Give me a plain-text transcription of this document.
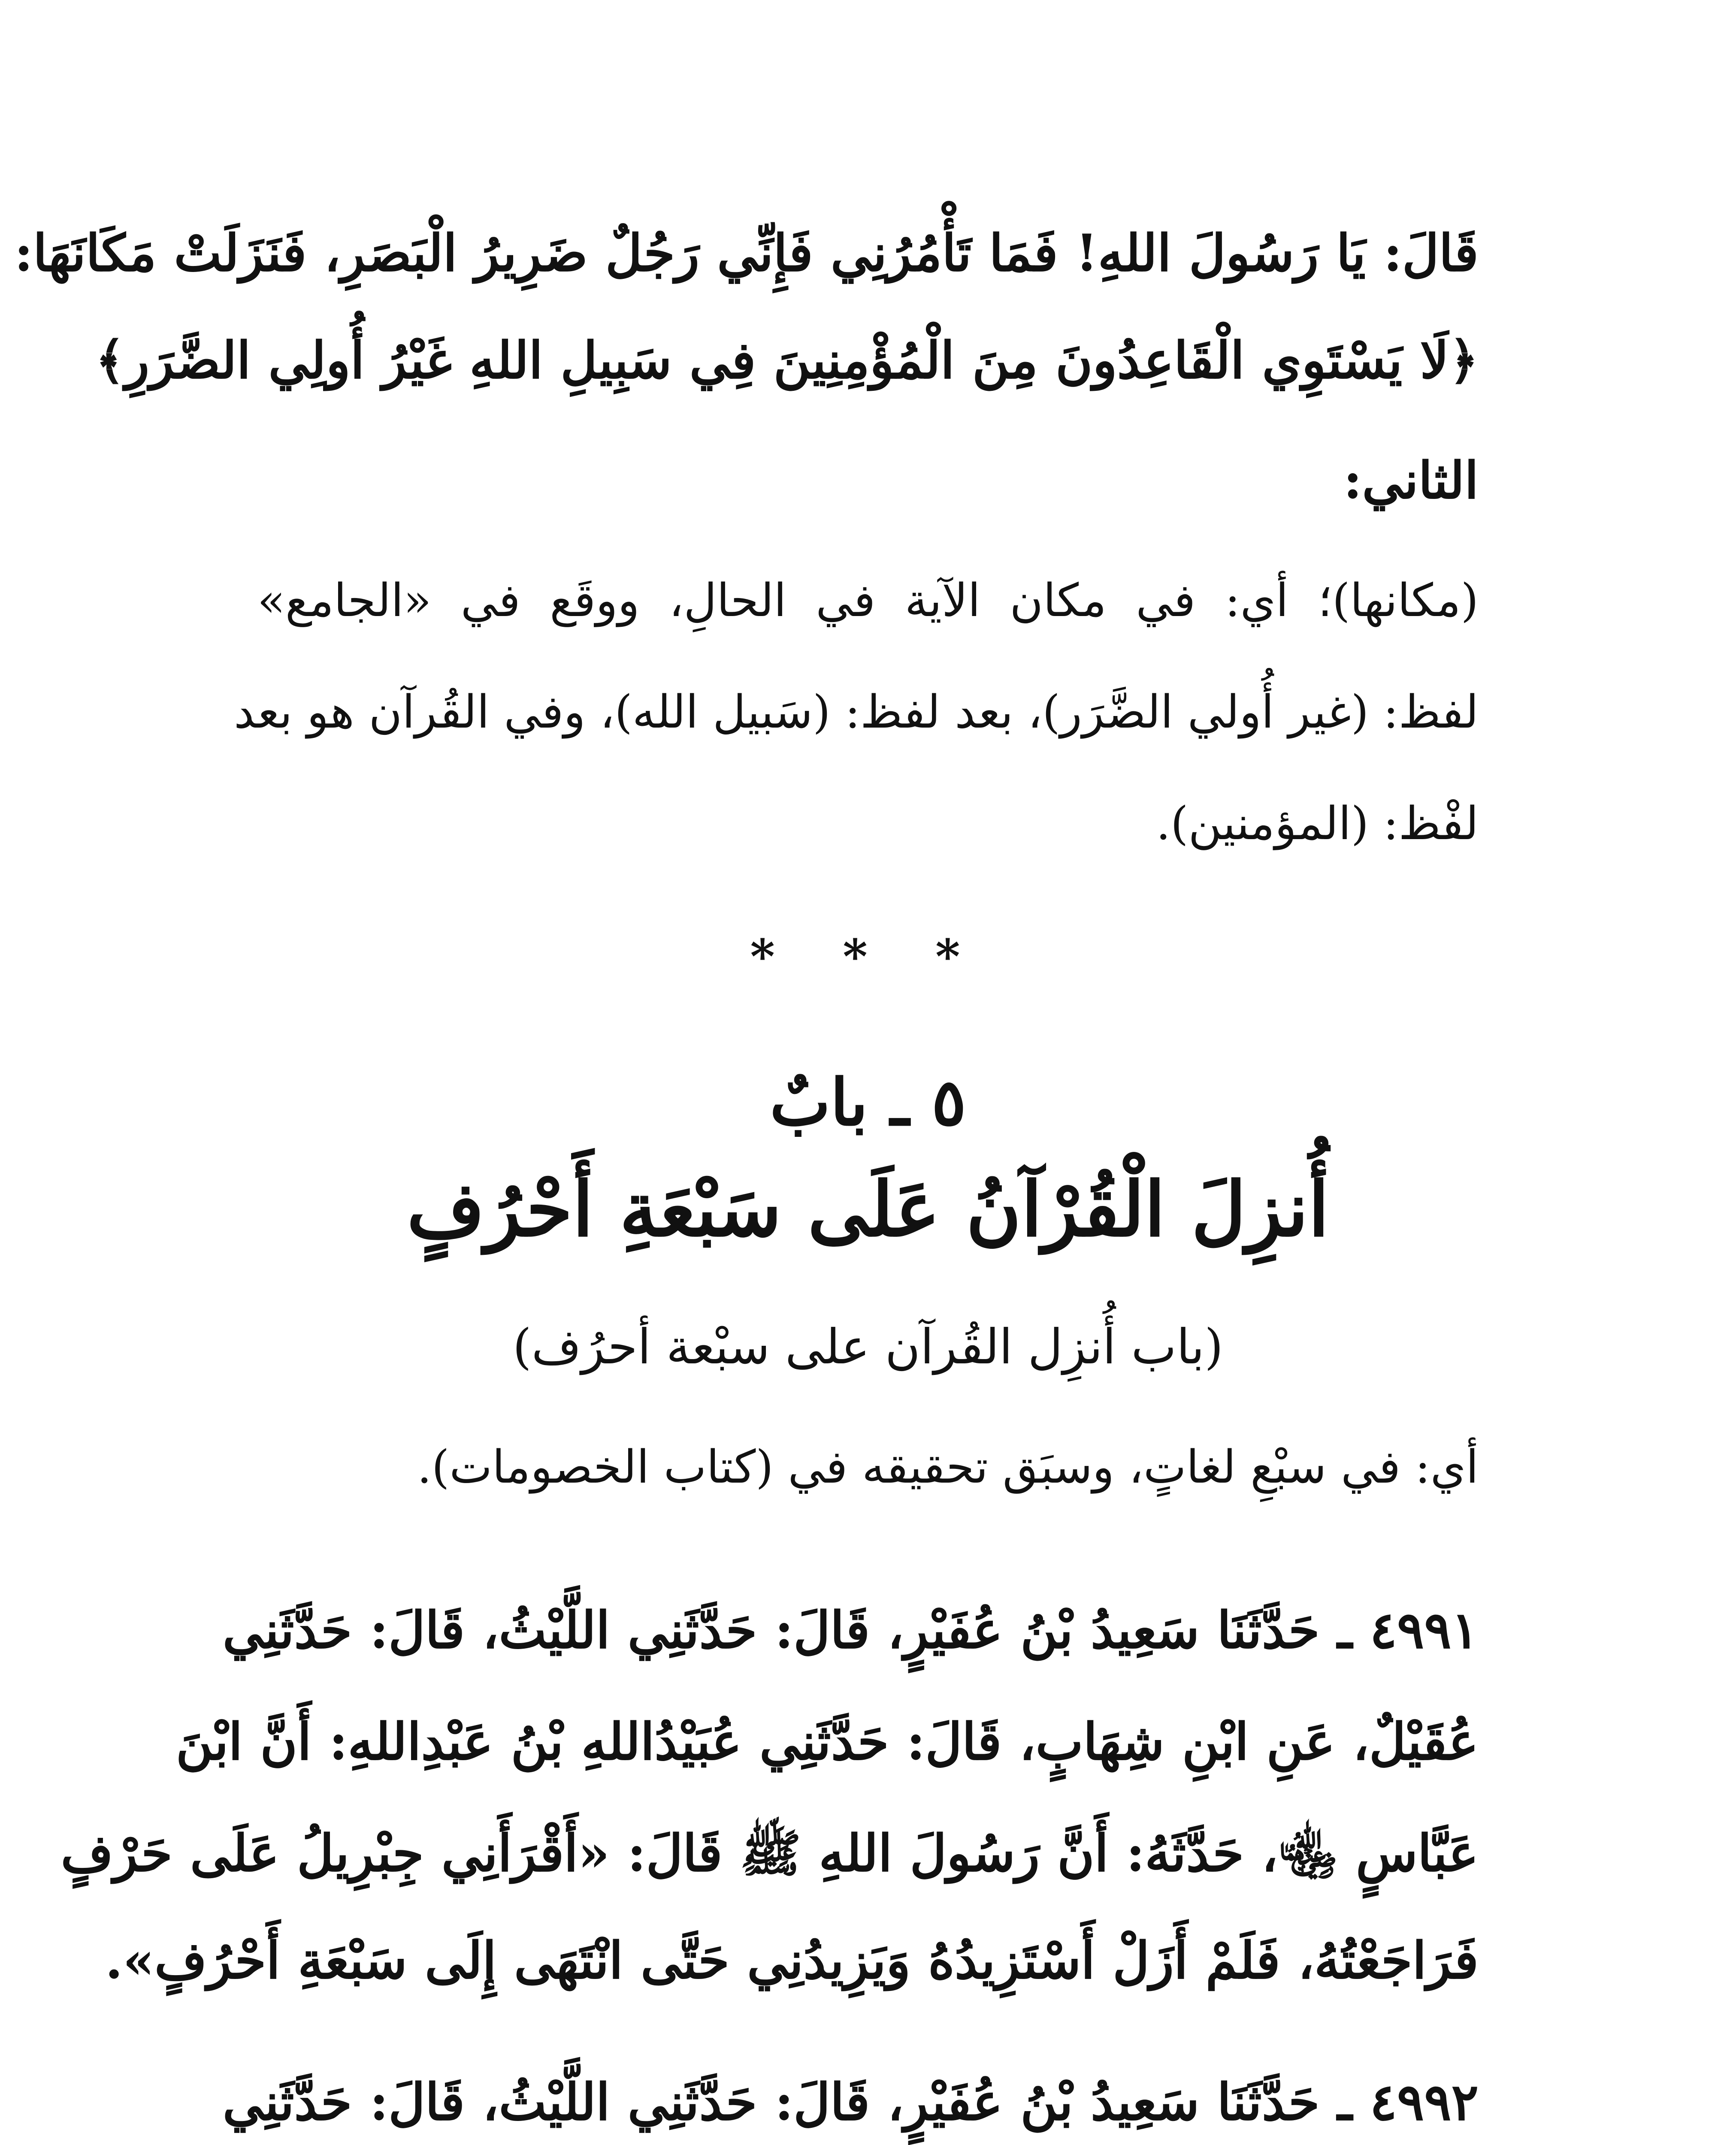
قَالَ: يَا رَسُولَ اللهِ! فَمَا تَأْمُرُنِي فَإِنِّي رَجُلٌ ضَرِيرُ الْبَصَرِ، فَنَزَلَتْ مَكَانَهَا:
﴿لَا يَسْتَوِي الْقَاعِدُونَ مِنَ الْمُؤْمِنِينَ فِي سَبِيلِ اللهِ غَيْرُ أُولِي الضَّرَرِ﴾
الثاني:
(مكانها)؛ أي: في مكان الآية في الحالِ، ووقَع في «الجامع»
لفظ: (غير أُولي الضَّرَر)، بعد لفظ: (سَبيل الله)، وفي القُرآن هو بعد
لفْظ: (المؤمنين).
* * *
٥ ـ بابٌ
أُنزِلَ الْقُرْآنُ عَلَى سَبْعَةِ أَحْرُفٍ
(باب أُنزِل القُرآن على سبْعة أحرُف)
أي: في سبْعِ لغاتٍ، وسبَق تحقيقه في (كتاب الخصومات).
٤٩٩١ ـ حَدَّثَنَا سَعِيدُ بْنُ عُفَيْرٍ، قَالَ: حَدَّثَنِي اللَّيْثُ، قَالَ: حَدَّثَنِي
عُقَيْلٌ، عَنِ ابْنِ شِهَابٍ، قَالَ: حَدَّثَنِي عُبَيْدُاللهِ بْنُ عَبْدِاللهِ: أَنَّ ابْنَ
عَبَّاسٍ ﵄، حَدَّثَهُ: أَنَّ رَسُولَ اللهِ ﷺ قَالَ: «أَقْرَأَنِي جِبْرِيلُ عَلَى حَرْفٍ
فَرَاجَعْتُهُ، فَلَمْ أَزَلْ أَسْتَزِيدُهُ وَيَزِيدُنِي حَتَّى انْتَهَى إِلَى سَبْعَةِ أَحْرُفٍ».
٤٩٩٢ ـ حَدَّثَنَا سَعِيدُ بْنُ عُفَيْرٍ، قَالَ: حَدَّثَنِي اللَّيْثُ، قَالَ: حَدَّثَنِي
